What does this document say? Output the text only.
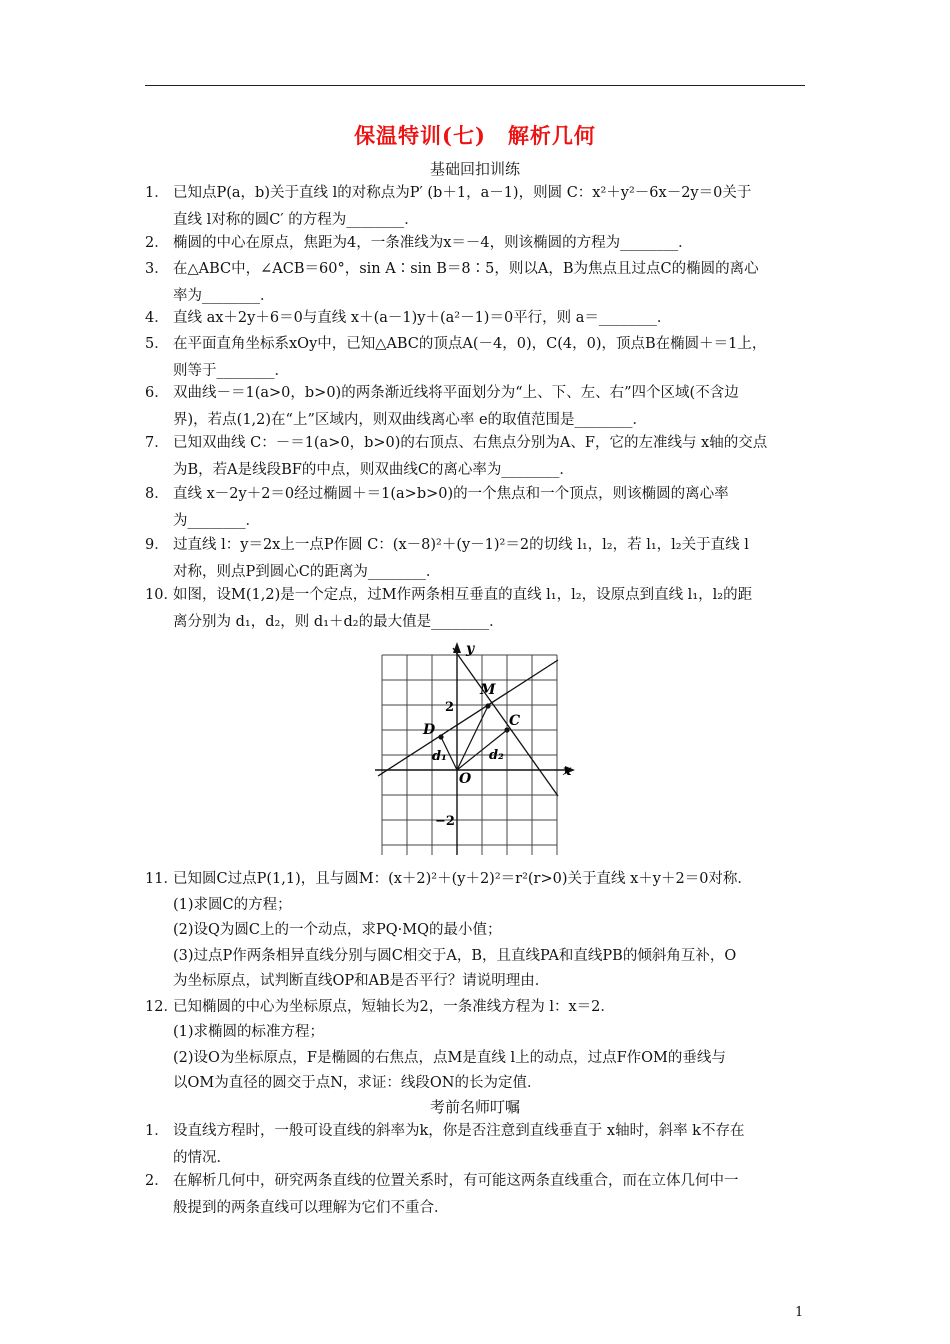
保温特训(七)　解析几何
基础回扣训练
1． 已知点P(a，b)关于直线 l的对称点为P′ (b＋1，a－1)，则圆 C：x²＋y²－6x－2y＝0关于
直线 l对称的圆C′ 的方程为________．
2． 椭圆的中心在原点，焦距为4，一条准线为x＝－4，则该椭圆的方程为________．
3． 在△ABC中，∠ACB＝60°，sin A∶sin B＝8∶5，则以A，B为焦点且过点C的椭圆的离心
率为________．
4． 直线 ax＋2y＋6＝0与直线 x＋(a－1)y＋(a²－1)＝0平行，则 a＝________．
5． 在平面直角坐标系xOy中，已知△ABC的顶点A(－4，0)，C(4，0)，顶点B在椭圆＋＝1上，
则等于________．
6． 双曲线－＝1(a>0，b>0)的两条渐近线将平面划分为“上、下、左、右”四个区域(不含边
界)，若点(1,2)在“上”区域内，则双曲线离心率 e的取值范围是________．
7． 已知双曲线 C：－＝1(a>0，b>0)的右顶点、右焦点分别为A、F，它的左准线与 x轴的交点
为B，若A是线段BF的中点，则双曲线C的离心率为________．
8． 直线 x－2y＋2＝0经过椭圆＋＝1(a>b>0)的一个焦点和一个顶点，则该椭圆的离心率
为________．
9． 过直线 l：y＝2x上一点P作圆 C：(x－8)²＋(y－1)²＝2的切线 l₁，l₂，若 l₁，l₂关于直线 l
对称，则点P到圆心C的距离为________．
10．如图，设M(1,2)是一个定点，过M作两条相互垂直的直线 l₁，l₂，设原点到直线 l₁，l₂的距
离分别为 d₁，d₂，则 d₁＋d₂的最大值是________．
y
x
M
C
D
O
d₁	d₂
2
−2
11．已知圆C过点P(1,1)，且与圆M：(x＋2)²＋(y＋2)²＝r²(r>0)关于直线 x＋y＋2＝0对称．
(1)求圆C的方程；
(2)设Q为圆C上的一个动点，求PQ·MQ的最小值；
(3)过点P作两条相异直线分别与圆C相交于A，B，且直线PA和直线PB的倾斜角互补，O
为坐标原点，试判断直线OP和AB是否平行？请说明理由．
12．已知椭圆的中心为坐标原点，短轴长为2，一条准线方程为 l：x＝2．
(1)求椭圆的标准方程；
(2)设O为坐标原点，F是椭圆的右焦点，点M是直线 l上的动点，过点F作OM的垂线与
以OM为直径的圆交于点N，求证：线段ON的长为定值．
考前名师叮嘱
1． 设直线方程时，一般可设直线的斜率为k，你是否注意到直线垂直于 x轴时，斜率 k不存在
的情况．
2． 在解析几何中，研究两条直线的位置关系时，有可能这两条直线重合，而在立体几何中一
般提到的两条直线可以理解为它们不重合．
1
